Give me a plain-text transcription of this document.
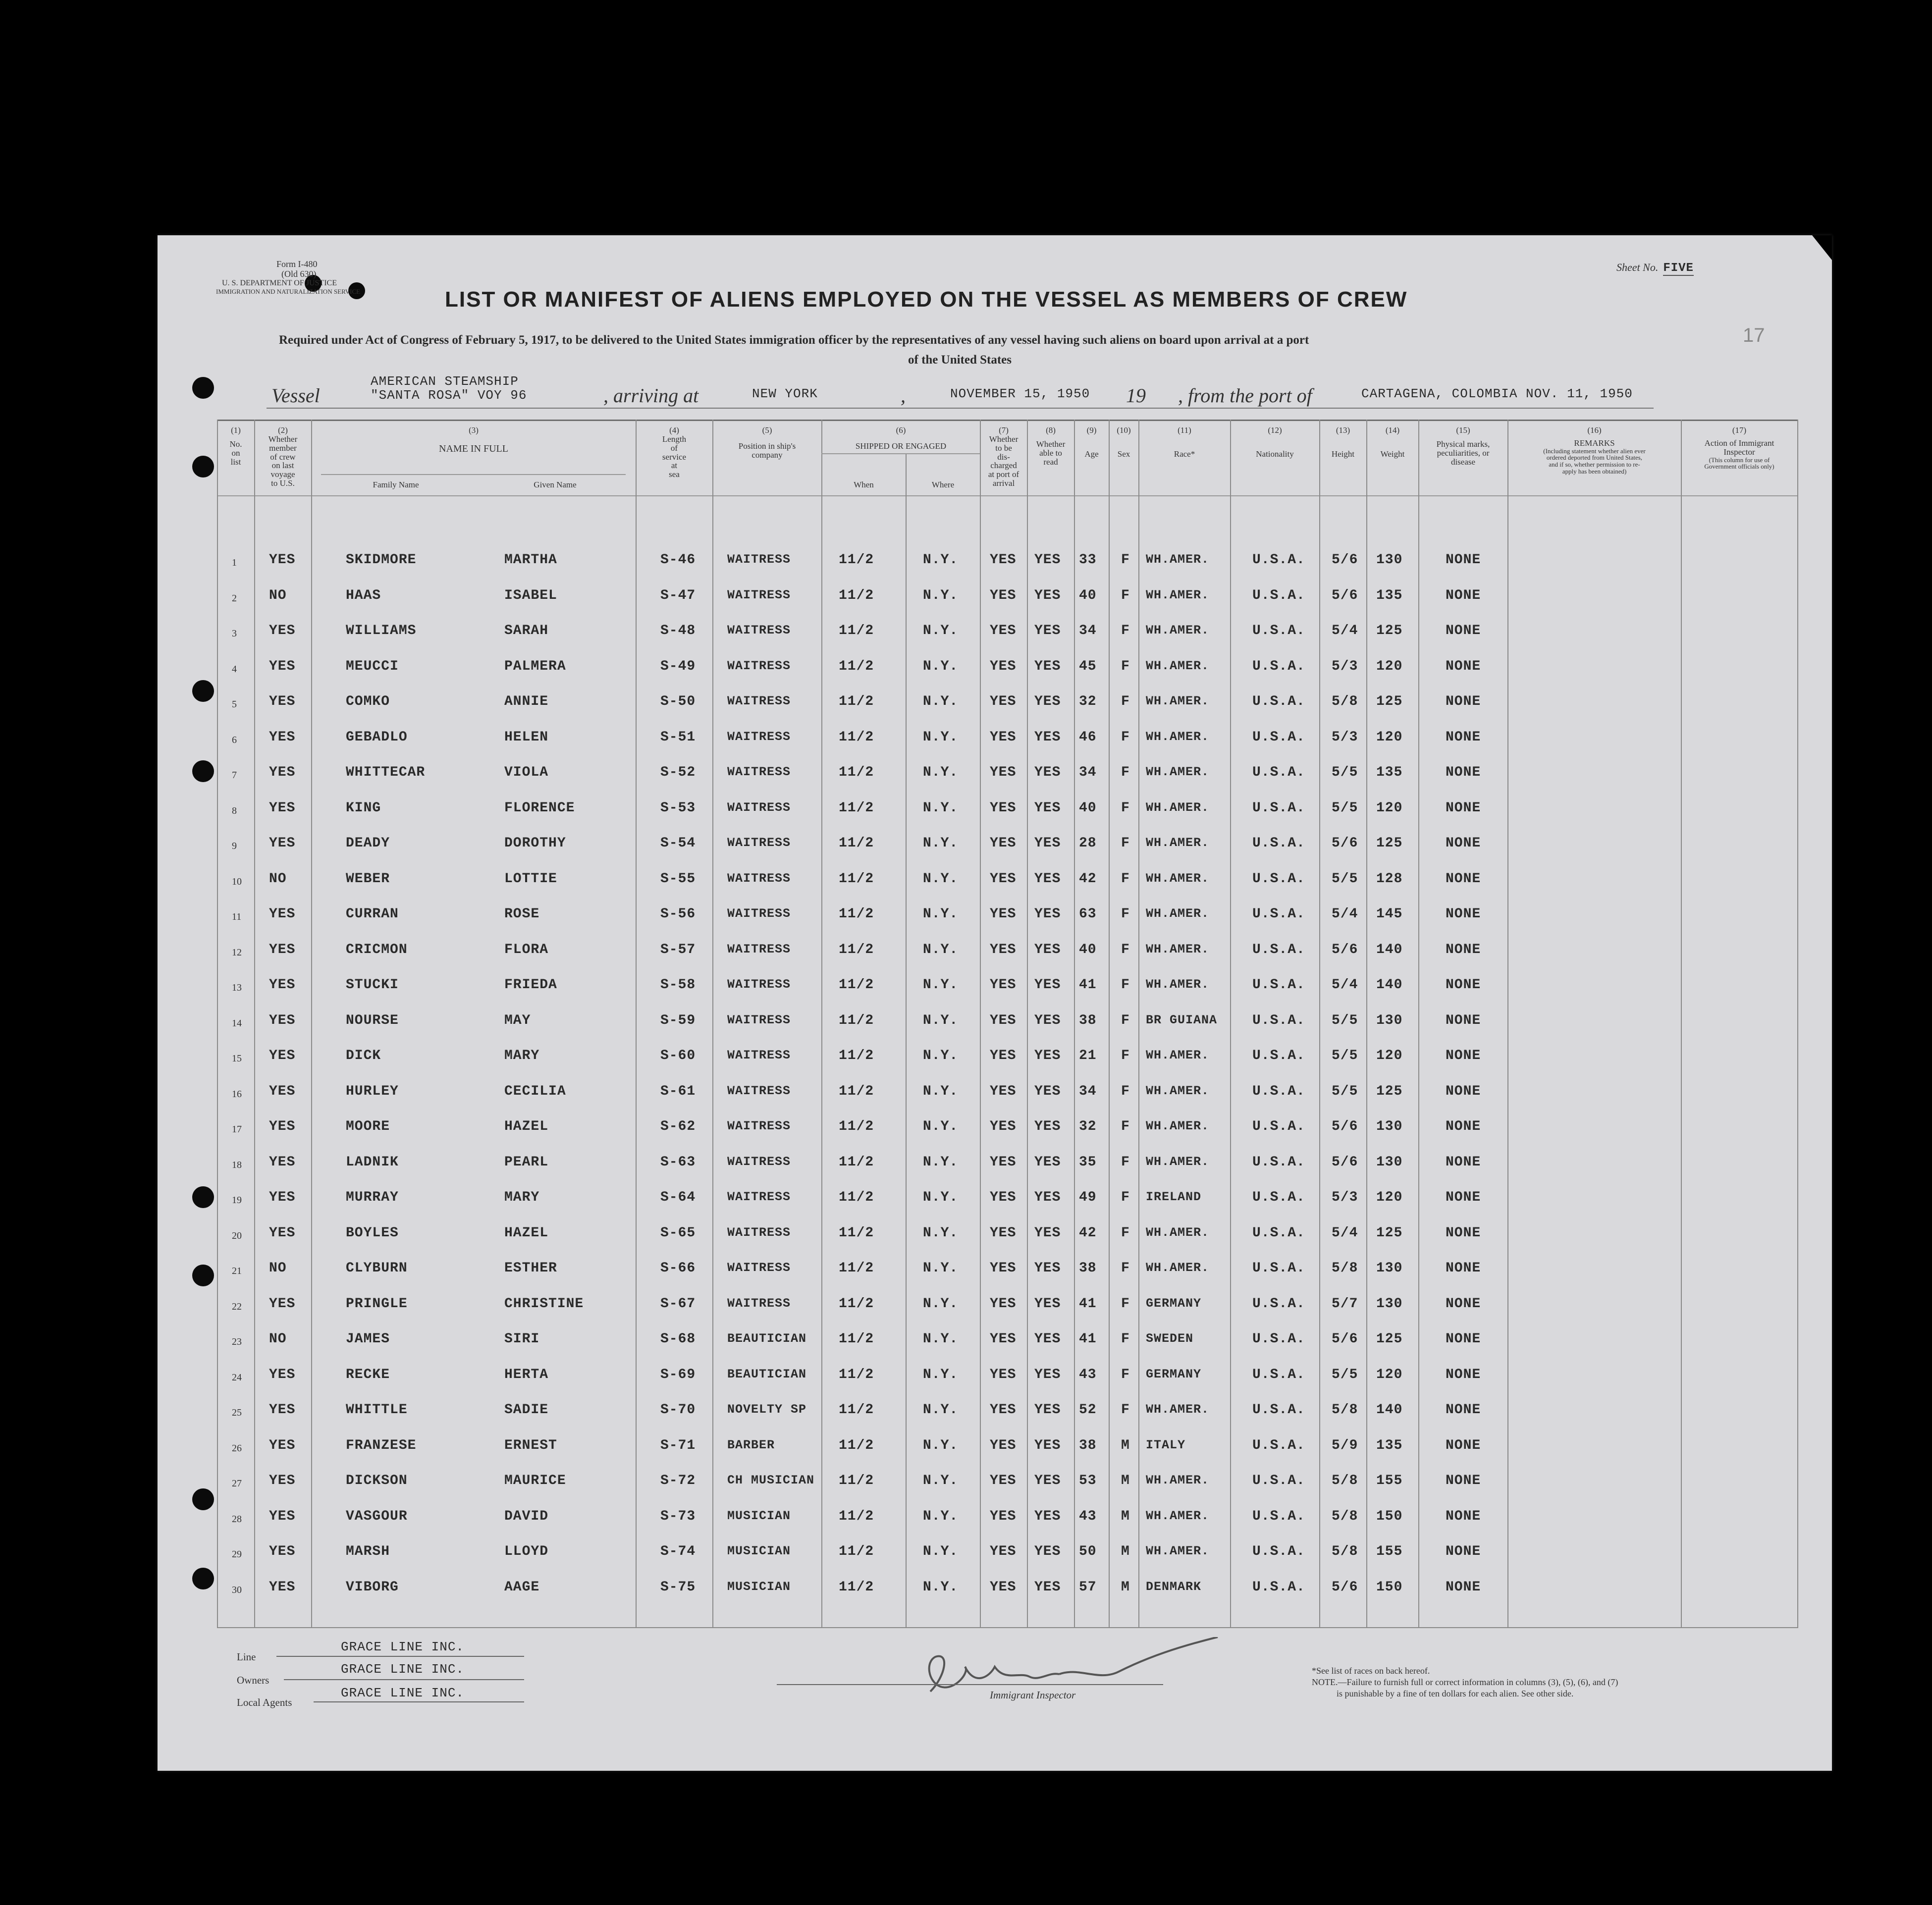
Form I-480
(Old 630)
U. S. DEPARTMENT OF JUSTICE
IMMIGRATION AND NATURALIZATION SERVICE
Sheet No. FIVE
17
LIST OR MANIFEST OF ALIENS EMPLOYED ON THE VESSEL AS MEMBERS OF CREW
Required under Act of Congress of February 5, 1917, to be delivered to the United States immigration officer by the representatives of any vessel having such aliens on board upon arrival at a port
of the United States
Vessel
AMERICAN STEAMSHIP
"SANTA ROSA" VOY 96	, arriving at	NEW YORK	,	NOVEMBER 15, 1950 19 , from the port of	CARTAGENA, COLOMBIA NOV. 11, 1950
(1)
No.
on
list
(2)
Whether
member
of crew
on last
voyage
to U.S.
(3)
NAME IN FULL
Family Name	Given Name
(4)
Length
of
service
at
sea
(5)
Position in ship's
company
(6)
SHIPPED OR ENGAGED
When	Where
(7)
Whether
to be
dis-
charged
at port of
arrival
(8)
Whether
able to
read
(9)
Age
(10)
Sex
(11)
Race*
(12)
Nationality
(13)
Height
(14)
Weight
(15)
Physical marks,
peculiarities, or
disease
(16)
REMARKS
(Including statement whether alien ever
ordered deported from United States,
and if so, whether permission to re-
apply has been obtained)
(17)
Action of Immigrant
Inspector
(This column for use of
Government officials only)
1 YES	SKIDMORE	MARTHA	S-46	WAITRESS	11/2	N.Y. YES YES 33 F WH.AMER.	U.S.A. 5/6 130	NONE
2 NO	HAAS	ISABEL	S-47	WAITRESS	11/2	N.Y. YES YES 40 F WH.AMER.	U.S.A. 5/6 135	NONE
3 YES	WILLIAMS	SARAH	S-48	WAITRESS	11/2	N.Y. YES YES 34 F WH.AMER.	U.S.A. 5/4 125	NONE
4 YES	MEUCCI	PALMERA	S-49	WAITRESS	11/2	N.Y. YES YES 45 F WH.AMER.	U.S.A. 5/3 120	NONE
5 YES	COMKO	ANNIE	S-50	WAITRESS	11/2	N.Y. YES YES 32 F WH.AMER.	U.S.A. 5/8 125	NONE
6 YES	GEBADLO	HELEN	S-51	WAITRESS	11/2	N.Y. YES YES 46 F WH.AMER.	U.S.A. 5/3 120	NONE
7 YES	WHITTECAR	VIOLA	S-52	WAITRESS	11/2	N.Y. YES YES 34 F WH.AMER.	U.S.A. 5/5 135	NONE
8 YES	KING	FLORENCE	S-53	WAITRESS	11/2	N.Y. YES YES 40 F WH.AMER.	U.S.A. 5/5 120	NONE
9 YES	DEADY	DOROTHY	S-54	WAITRESS	11/2	N.Y. YES YES 28 F WH.AMER.	U.S.A. 5/6 125	NONE
10 NO	WEBER	LOTTIE	S-55	WAITRESS	11/2	N.Y. YES YES 42 F WH.AMER.	U.S.A. 5/5 128	NONE
11 YES	CURRAN	ROSE	S-56	WAITRESS	11/2	N.Y. YES YES 63 F WH.AMER.	U.S.A. 5/4 145	NONE
12 YES	CRICMON	FLORA	S-57	WAITRESS	11/2	N.Y. YES YES 40 F WH.AMER.	U.S.A. 5/6 140	NONE
13 YES	STUCKI	FRIEDA	S-58	WAITRESS	11/2	N.Y. YES YES 41 F WH.AMER.	U.S.A. 5/4 140	NONE
14 YES	NOURSE	MAY	S-59	WAITRESS	11/2	N.Y. YES YES 38 F BR GUIANA	U.S.A. 5/5 130	NONE
15 YES	DICK	MARY	S-60	WAITRESS	11/2	N.Y. YES YES 21 F WH.AMER.	U.S.A. 5/5 120	NONE
16 YES	HURLEY	CECILIA	S-61	WAITRESS	11/2	N.Y. YES YES 34 F WH.AMER.	U.S.A. 5/5 125	NONE
17 YES	MOORE	HAZEL	S-62	WAITRESS	11/2	N.Y. YES YES 32 F WH.AMER.	U.S.A. 5/6 130	NONE
18 YES	LADNIK	PEARL	S-63	WAITRESS	11/2	N.Y. YES YES 35 F WH.AMER.	U.S.A. 5/6 130	NONE
19 YES	MURRAY	MARY	S-64	WAITRESS	11/2	N.Y. YES YES 49 F IRELAND	U.S.A. 5/3 120	NONE
20 YES	BOYLES	HAZEL	S-65	WAITRESS	11/2	N.Y. YES YES 42 F WH.AMER.	U.S.A. 5/4 125	NONE
21 NO	CLYBURN	ESTHER	S-66	WAITRESS	11/2	N.Y. YES YES 38 F WH.AMER.	U.S.A. 5/8 130	NONE
22 YES	PRINGLE	CHRISTINE	S-67	WAITRESS	11/2	N.Y. YES YES 41 F GERMANY	U.S.A. 5/7 130	NONE
23 NO	JAMES	SIRI	S-68	BEAUTICIAN 11/2	N.Y. YES YES 41 F SWEDEN	U.S.A. 5/6 125	NONE
24 YES	RECKE	HERTA	S-69	BEAUTICIAN 11/2	N.Y. YES YES 43 F GERMANY	U.S.A. 5/5 120	NONE
25 YES	WHITTLE	SADIE	S-70	NOVELTY SP 11/2	N.Y. YES YES 52 F WH.AMER.	U.S.A. 5/8 140	NONE
26 YES	FRANZESE	ERNEST	S-71	BARBER	11/2	N.Y. YES YES 38 M ITALY	U.S.A. 5/9 135	NONE
27 YES	DICKSON	MAURICE	S-72	CH MUSICIAN 11/2	N.Y. YES YES 53 M WH.AMER.	U.S.A. 5/8 155	NONE
28 YES	VASGOUR	DAVID	S-73	MUSICIAN	11/2	N.Y. YES YES 43 M WH.AMER.	U.S.A. 5/8 150	NONE
29 YES	MARSH	LLOYD	S-74	MUSICIAN	11/2	N.Y. YES YES 50 M WH.AMER.	U.S.A. 5/8 155	NONE
30 YES	VIBORG	AAGE	S-75	MUSICIAN	11/2	N.Y. YES YES 57 M DENMARK	U.S.A. 5/6 150	NONE
Line
GRACE LINE INC.
Owners
GRACE LINE INC.
Local Agents
GRACE LINE INC.	Immigrant Inspector
*See list of races on back hereof.
NOTE.—Failure to furnish full or correct information in columns (3), (5), (6), and (7)
is punishable by a fine of ten dollars for each alien. See other side.
